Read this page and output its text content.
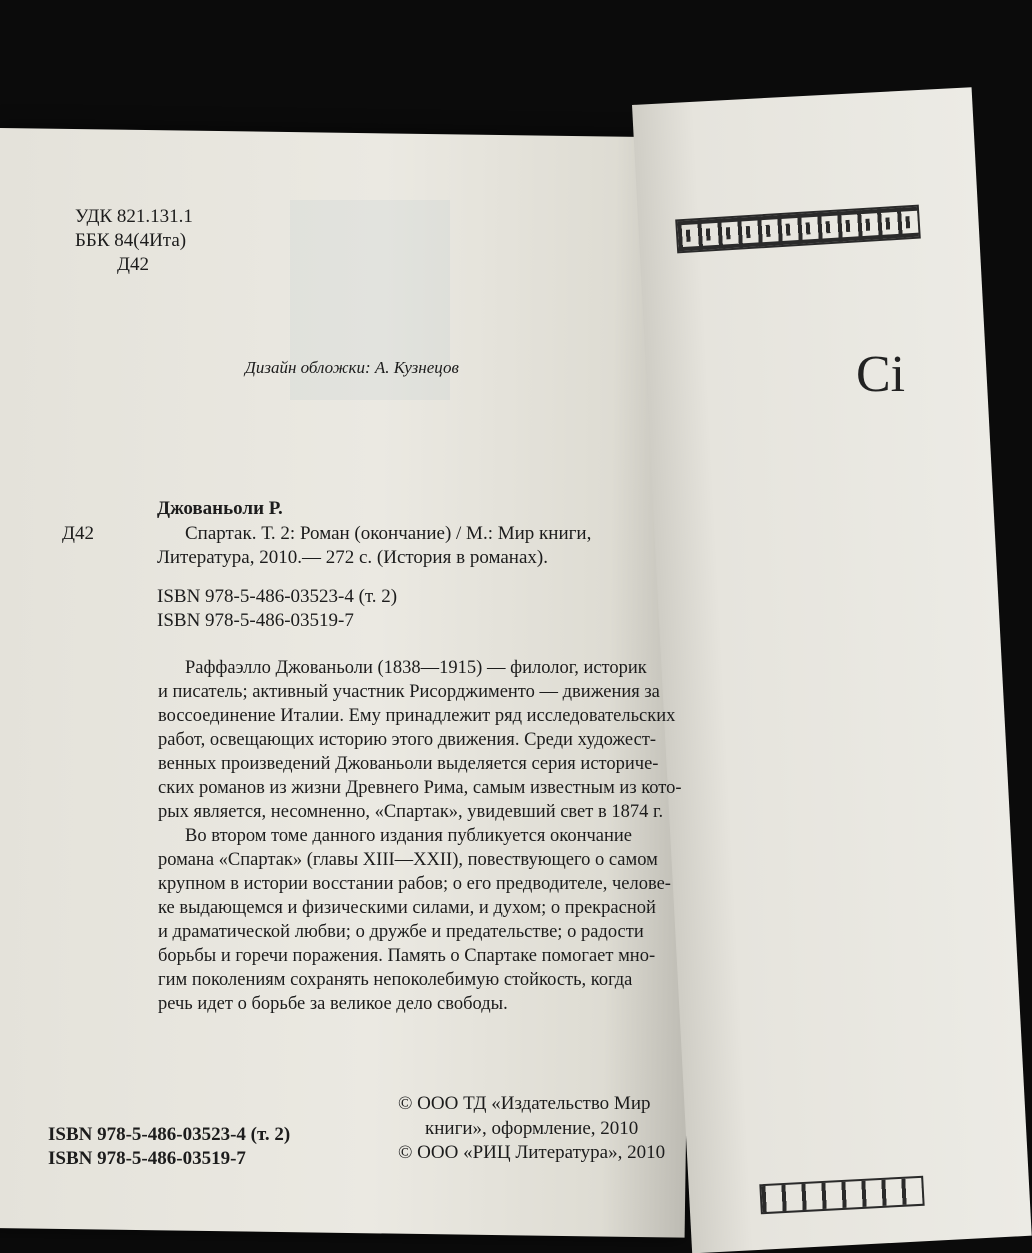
Сі
УДК 821.131.1
ББК 84(4Ита)
Д42
Дизайн обложки: А. Кузнецов
Джованьоли Р.
Д42	Спартак. Т. 2: Роман (окончание) / М.: Мир книги,
Литература, 2010.— 272 с. (История в романах).
ISBN 978-5-486-03523-4 (т. 2)
ISBN 978-5-486-03519-7
Раффаэлло Джованьоли (1838—1915) — филолог, историк
и писатель; активный участник Рисорджименто — движения за
воссоединение Италии. Ему принадлежит ряд исследовательских
работ, освещающих историю этого движения. Среди художест-
венных произведений Джованьоли выделяется серия историче-
ских романов из жизни Древнего Рима, самым известным из кото-
рых является, несомненно, «Спартак», увидевший свет в 1874 г.
Во втором томе данного издания публикуется окончание
романа «Спартак» (главы XIII—XXII), повествующего о самом
крупном в истории восстании рабов; о его предводителе, челове-
ке выдающемся и физическими силами, и духом; о прекрасной
и драматической любви; о дружбе и предательстве; о радости
борьбы и горечи поражения. Память о Спартаке помогает мно-
гим поколениям сохранять непоколебимую стойкость, когда
речь идет о борьбе за великое дело свободы.
© ООО ТД «Издательство Мир
книги», оформление, 2010
© ООО «РИЦ Литература», 2010
ISBN 978-5-486-03523-4 (т. 2)
ISBN 978-5-486-03519-7
